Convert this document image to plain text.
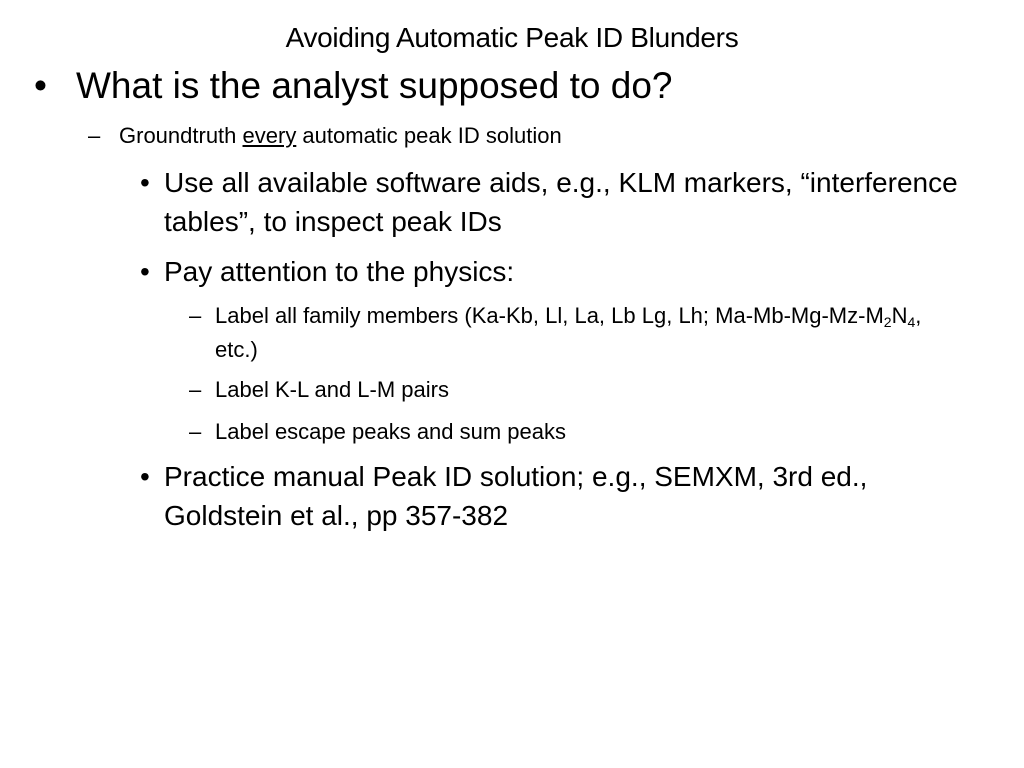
Avoiding Automatic Peak ID Blunders
• What is the analyst supposed to do?
– Groundtruth every automatic peak ID solution
• Use all available software aids, e.g., KLM markers, “interference tables”, to inspect peak IDs
• Pay attention to the physics:
– Label all family members (Ka-Kb, Ll, La, Lb Lg, Lh; $Ma-Mb-Mg-Mz-M_2N_4$, etc.)
– Label K-L and L-M pairs
– Label escape peaks and sum peaks
• Practice manual Peak ID solution; e.g., SEMXM, 3rd ed., Goldstein et al., pp 357-382
